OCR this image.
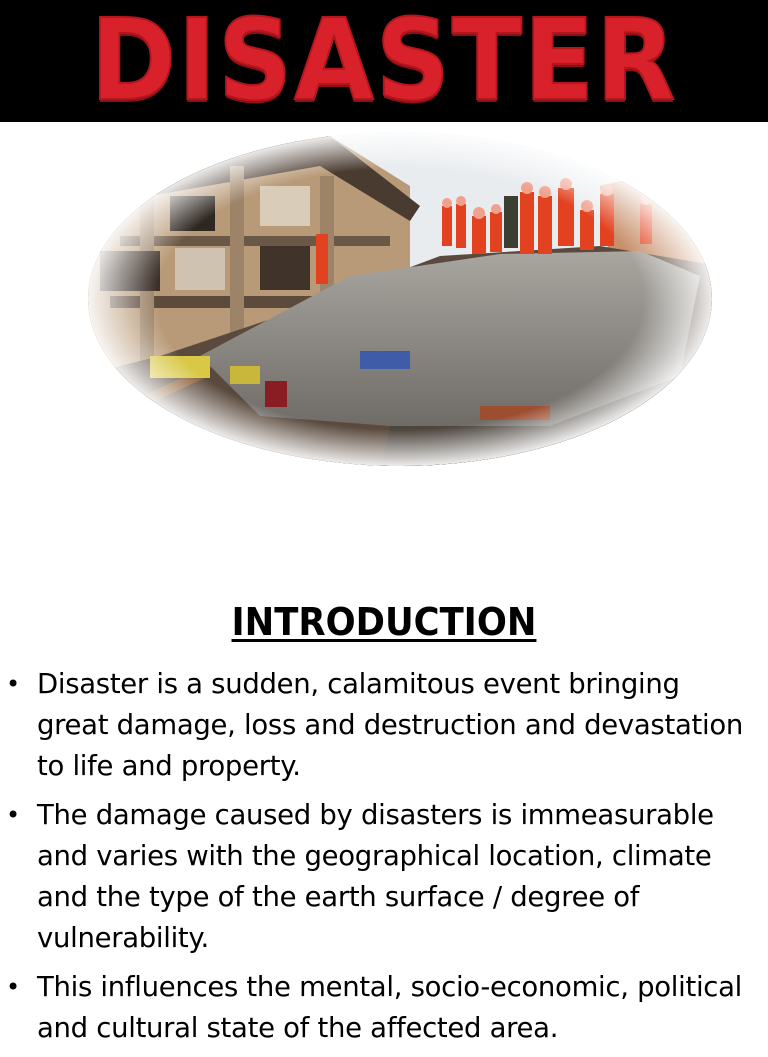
DISASTER
INTRODUCTION
• Disaster is a sudden, calamitous event bringing
great damage, loss and destruction and devastation
to life and property.
• The damage caused by disasters is immeasurable
and varies with the geographical location, climate
and the type of the earth surface / degree of
vulnerability.
• This influences the mental, socio-economic, political
and cultural state of the affected area.
